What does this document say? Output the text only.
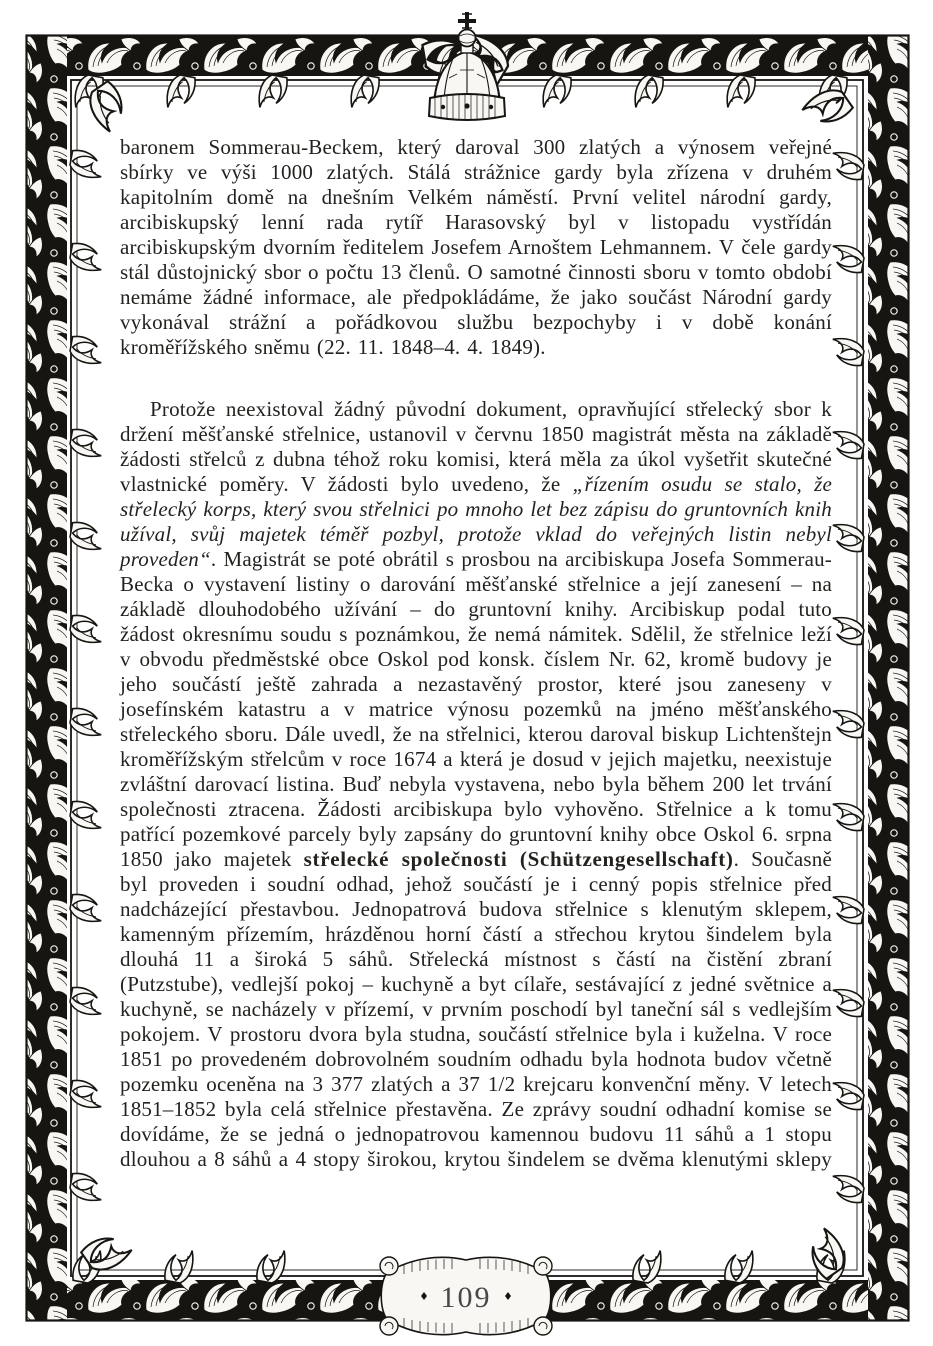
109

baronem Sommerau-Beckem, který daroval 300 zlatých a výnosem veřejné sbírky ve výši 1000 zlatých. Stálá strážnice gardy byla zřízena v druhém kapitolním domě na dnešním Velkém náměstí. První velitel národní gardy, arcibiskupský lenní rada rytíř Harasovský byl v listopadu vystřídán arcibiskupským dvorním ředitelem Josefem Arnoštem Lehmannem. V čele gardy stál důstojnický sbor o počtu 13 členů. O samotné činnosti sboru v tomto období nemáme žádné informace, ale předpokládáme, že jako součást Národní gardy vykonával strážní a pořádkovou službu bezpochyby i v době konání kroměřížského sněmu (22. 11. 1848–4. 4. 1849).

Protože neexistoval žádný původní dokument, opravňující střelecký sbor k držení měšťanské střelnice, ustanovil v červnu 1850 magistrát města na základě žádosti střelců z dubna téhož roku komisi, která měla za úkol vyšetřit skutečné vlastnické poměry. V žádosti bylo uvedeno, že „řízením osudu se stalo, že střelecký korps, který svou střelnici po mnoho let bez zápisu do gruntovních knih užíval, svůj majetek téměř pozbyl, protože vklad do veřejných listin nebyl proveden“. Magistrát se poté obrátil s prosbou na arcibiskupa Josefa Sommerau-Becka o vystavení listiny o darování měšťanské střelnice a její zanesení – na základě dlouhodobého užívání – do gruntovní knihy. Arcibiskup podal tuto žádost okresnímu soudu s poznámkou, že nemá námitek. Sdělil, že střelnice leží v obvodu předměstské obce Oskol pod konsk. číslem Nr. 62, kromě budovy je jeho součástí ještě zahrada a nezastavěný prostor, které jsou zaneseny v josefínském katastru a v matrice výnosu pozemků na jméno měšťanského střeleckého sboru. Dále uvedl, že na střelnici, kterou daroval biskup Lichtenštejn kroměřížským střelcům v roce 1674 a která je dosud v jejich majetku, neexistuje zvláštní darovací listina. Buď nebyla vystavena, nebo byla během 200 let trvání společnosti ztracena. Žádosti arcibiskupa bylo vyhověno. Střelnice a k tomu patřící pozemkové parcely byly zapsány do gruntovní knihy obce Oskol 6. srpna 1850 jako majetek střelecké společnosti (Schützengesellschaft). Současně byl proveden i soudní odhad, jehož součástí je i cenný popis střelnice před nadcházející přestavbou. Jednopatrová budova střelnice s klenutým sklepem, kamenným přízemím, hrázděnou horní částí a střechou krytou šindelem byla dlouhá 11 a široká 5 sáhů. Střelecká místnost s částí na čistění zbraní (Putzstube), vedlejší pokoj – kuchyně a byt cílaře, sestávající z jedné světnice a kuchyně, se nacházely v přízemí, v prvním poschodí byl taneční sál s vedlejším pokojem. V prostoru dvora byla studna, součástí střelnice byla i kuželna. V roce 1851 po provedeném dobrovolném soudním odhadu byla hodnota budov včetně pozemku oceněna na 3 377 zlatých a 37 1/2 krejcaru konvenční měny. V letech 1851–1852 byla celá střelnice přestavěna. Ze zprávy soudní odhadní komise se dovídáme, že se jedná o jednopatrovou kamennou budovu 11 sáhů a 1 stopu dlouhou a 8 sáhů a 4 stopy širokou, krytou šindelem se dvěma klenutými sklepy
